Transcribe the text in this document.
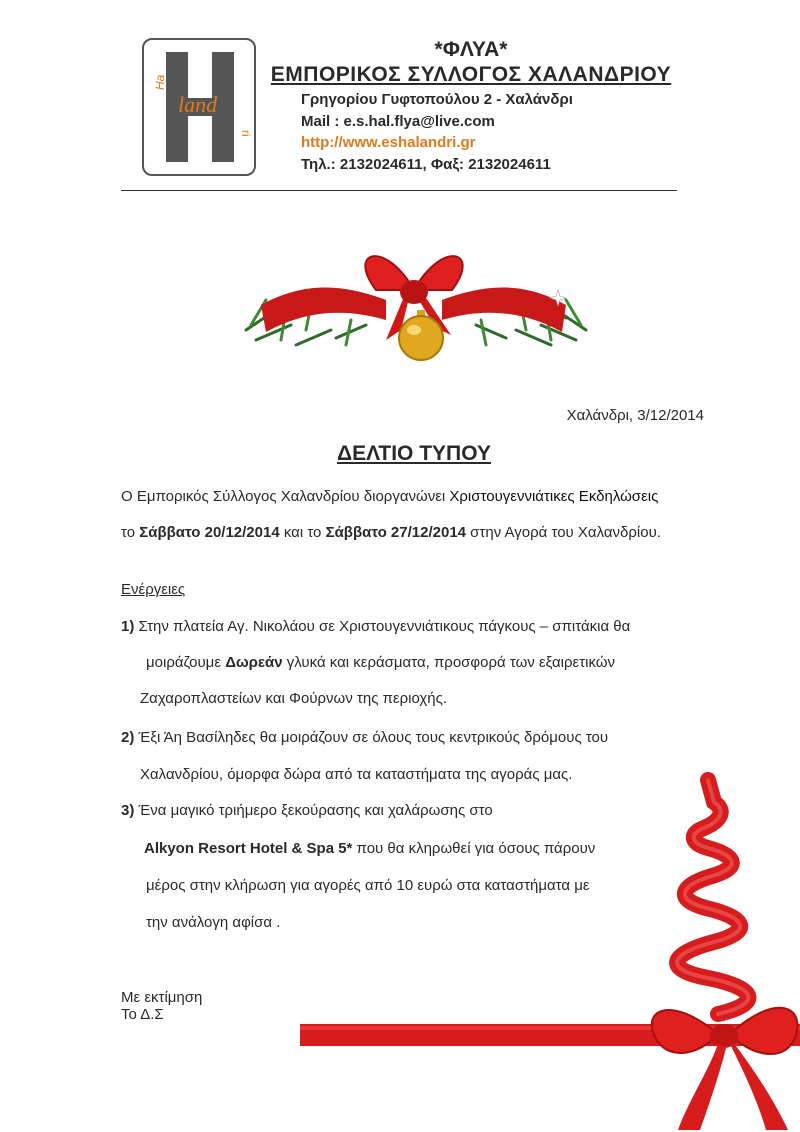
Ha
land
ri
*ΦΛΥΑ*
ΕΜΠΟΡΙΚΟΣ ΣΥΛΛΟΓΟΣ ΧΑΛΑΝΔΡΙΟΥ
Γρηγορίου Γυφτοπούλου 2 - Χαλάνδρι
Mail : e.s.hal.flya@live.com
http://www.eshalandri.gr
Τηλ.: 2132024611, Φαξ: 2132024611
Χαλάνδρι, 3/12/2014
ΔΕΛΤΙΟ ΤΥΠΟΥ
Ο Εμπορικός Σύλλογος Χαλανδρίου διοργανώνει Χριστουγεννιάτικες Εκδηλώσεις
το Σάββατο 20/12/2014 και το Σάββατο 27/12/2014 στην Αγορά του Χαλανδρίου.
Ενέργειες
1) Στην πλατεία Αγ. Νικολάου σε Χριστουγεννιάτικους πάγκους – σπιτάκια θα
μοιράζουμε Δωρεάν γλυκά και κεράσματα, προσφορά των εξαιρετικών
Ζαχαροπλαστείων και Φούρνων της περιοχής.
2) Έξι Άη Βασίληδες θα μοιράζουν σε όλους τους κεντρικούς δρόμους του
Χαλανδρίου, όμορφα δώρα από τα καταστήματα της αγοράς μας.
3) Ένα μαγικό τριήμερο ξεκούρασης και χαλάρωσης στο
Alkyon Resort Hotel & Spa 5* που θα κληρωθεί για όσους πάρουν
μέρος στην κλήρωση για αγορές από 10 ευρώ στα καταστήματα με
την ανάλογη αφίσα .
Με εκτίμηση
Το Δ.Σ
